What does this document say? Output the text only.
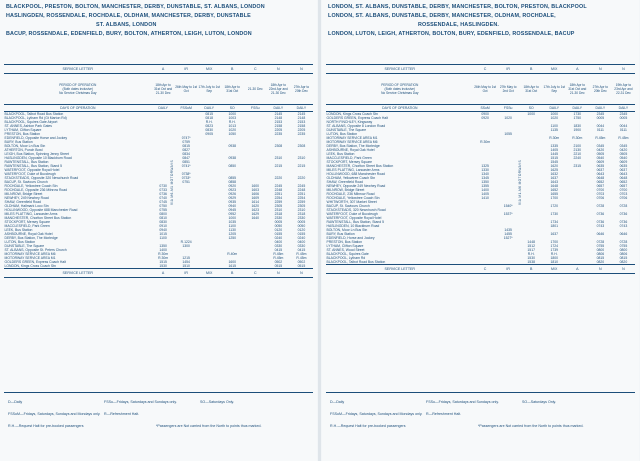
BLACKPOOL, PRESTON, BOLTON, MANCHESTER, DERBY, DUNSTABLE, ST. ALBANS, LONDON
HASLINGDEN, ROSSENDALE, ROCHDALE, OLDHAM, MANCHESTER, DERBY, DUNSTABLE
ST. ALBANS, LONDON
BACUP, ROSSENDALE, EDENFIELD, BURY, BOLTON, ATHERTON, LEIGH, LUTON, LONDON
SERVICE LETTER	A	IR	M/X	B	C	N	N

PERIOD OF OPERATION
(Both dates inclusive)
No Service Christmas Day	18th Apr to 31st Oct and 21-30 Dec	26th May to 1st Oct	17th July to 1st Sep	18th Apr to 31st Oct	21-30 Dec	18th Apr to 22nd Apr and 21-30 Dec	27th Apr to 20th Dec
DAYS OF OPERATION	DAILY	FSSuM	DAILY	SO	FSSu	DAILY	DAILY
BLACKPOOL, Talbot Road Bus Station			0815	1000		2145	2145
BLACKPOOL, Lytham Rd (Gt Marton Rd)			0818	1003		2148	2148
BLACKPOOL, Squires Gate Airport			R.H.	R.H.		2153	2153
ST. ANNES, Ashton Park Gates			0823	1013		2158	2158
LYTHAM, Clifton Square			0830	1020		2205	2205
PRESTON, Bus Station			0905	1050		2235	2235
EDENFIELD, Opposite Horse and Jockey		0747*					
BURY, Bus Station		0759					
BOLTON, Moor Ln Bus Stn		0815		0938		2308	2308
ATHERTON, Punch Bowl		0827					
LEIGH, Bus Station, Spinning Jenny Street		0834					
HASLINGDEN, Opposite 10 Blackburn Road		0847		0938		2310	2310
RAWTENSTALL, Bus Station		0851					
RAWTENSTALL, Bus Station, Stand 5		0741*		0850		2215	2215
WATERFOOT, Opposite Royal Hotel							
WATERFOOT, Duke of Buccleugh		0738*					
STACKSTEADS, Opposite 320 Newchurch Road		0733*		0855		2220	2220
BACUP, St. Saviours Church		0751		0858			
ROCHDALE, Yellowtree Coach Stn	0730			0920	1600	2245	2245
ROCHDALE, Opposite 236 Milnrow Road	0733			0923	1603	2248	2248
MILNROW, Bridge Street	0736			0926	1606	2251	2251
NEWHEY, 249 Newhey Road	0740			0929	1609	2254	2254
SHAW, Greenfield Road	0745			0935	1614	2259	2259
OLDHAM, Hallmark Loco Stn	0750			0940	1620	2305	2305
HOLLINWOOD, Opposite 688 Manchester Road	0755			0945	1623	2310	2310
MILES PLATTING, Lancaster Arms	0800			0952	1629	2318	2318
MANCHESTER, Chorlton Street Bus Station	0810			1000	1640	2330	2330
STOCKPORT, Mersey Square	0830			1035		0005	0005
MACCLESFIELD, Park Green	0910			1100		0050	0050
LEEK, Bus Station	0940			1130		0120	0120
ASHBOURNE, Royal Oak Hotel	1015			1205		0155	0155
DERBY, Bus Station, The Morledge	1100			1250		0240	0240
LUTON, Bus Station		R.1224				0400	0400
DUNSTABLE, The Square	1350	1300				0330	0330
ST. ALBANS, Opposite St. Peters Church	1400					0415	0415
MOTORWAY SERVICE AREA M6	R.30m			R.40m		R.45m	R.45m
MOTORWAY SERVICE AREA M1	R.30m	1215				R.45m	R.45m
GOLDERS GREEN, Express Coach Halt	1515	1454		1600		0502	0502
LONDON, Kings Cross Coach Stn	1530	1510		1615		0515	0515
SERVICE LETTER	A	IR	M/X	B	C	N	N
VIA M6-M1 MOTORWAYS
D—Daily	FSSu—Fridays, Saturdays and Sundays only.	SO—Saturdays Only.FSSuM—Fridays, Saturdays, Sundays and Mondays only. R—Refreshment Halt.R.H.—Request Halt for pre-booked passengers	*Passengers are Not carried from the North to points thus marked.
LONDON, ST. ALBANS, DUNSTABLE, DERBY, MANCHESTER, BOLTON, PRESTON, BLACKPOOL
LONDON, ST. ALBANS, DUNSTABLE, DERBY, MANCHESTER, OLDHAM, ROCHDALE,
ROSSENDALE, HASLINGDEN.
LONDON, LUTON, LEIGH, ATHERTON, BOLTON, BURY, EDENFIELD, ROSSENDALE, BACUP
SERVICE LETTER	C	IR	B	M/X	A	N	N

PERIOD OF OPERATION
(Both dates inclusive)
No Service Christmas Day	26th May to 1st Oct	27th May to 2nd Oct	18th Apr to 31st Oct	17th July to 1st Sep	18th Apr to 31st Oct and 21-30 Dec	27th Apr to 20th Dec	19th Apr to 23rd Apr and 22-31 Dec
DAYS OF OPERATION	SSuM	FSSu	SO	DAILY	DAILY	DAILY	DAILY
LONDON, Kings Cross Coach Stn	0900		1000	1000	1730	2345	2345
GOLDERS GREEN, Express Coach Halt	0920	1020		1020	1750	0005	0005
NORTH FINCHLEY, Kingsway							
ST. ALBANS, Opposite 8 London Road				1100	1830	0044	0044
DUNSTABLE, The Square				1135	1900	0111	0111
LUTON, Bus Station		1055					
MOTORWAY SERVICE AREA M1				R.30m	R.30m	R.45m	R.45m
MOTORWAY SERVICE AREA M6	R.30m						
DERBY, Bus Station, The Morledge				1335	2100	0345	0345
ASHBOURNE, Royal Oak Hotel				1405	2130	0420	0420
LEEK, Bus Station				1445	2210	0505	0505
MACCLESFIELD, Park Green				1515	2240	0540	0540
STOCKPORT, Mersey Square				1545		0609	0609
MANCHESTER, Chorlton Street Bus Station	1325			1620	2315	0635	0635
MILES PLATTING, Lancaster Arms	1330			1625		0637	0637
HOLLINWOOD, 688 Manchester Road	1340			1632		0643	0643
OLDHAM, Yellowtree Coach Stn	1345			1637		0648	0648
SHAW, Greenfield Road	1350			1643		0652	0652
NEWHEY, Opposite 249 Newhey Road	1355			1648		0657	0657
MILNROW, Bridge Street	1400			1652		0700	0700
ROCHDALE, 236 Milnrow Road	1405			1655		0703	0703
ROCHDALE, Yellowtree Coach Stn	1410			1700		0706	0706
WHITWORTH, 307 Market Street							
BACUP, St. Saviours Church		1540*		1720		0728	0728
STACKSTEADS, 320 Newchurch Road							
WATERFOOT, Duke of Buccleugh		1537*		1730		0736	0736
WATERFOOT, Opposite Royal Hotel							
RAWTENSTALL, Bus Station, Stand 5				1734		0736	0736
HASLINGDEN, 10 Blackburn Road				1801		0743	0743
BOLTON, Moor Ln Bus Stn		1435					
BURY, Bus Station		1455		1637		0646	0646
EDENFIELD, Horse and Jockey		1527*					
PRESTON, Bus Station			1448	1700		0728	0728
LYTHAM, Clifton Square			1512	1724		0755	0755
ST. ANNES, Wood Street			1517	1739		0800	0800
BLACKPOOL, Squires Gate			R.H.	R.H.		0806	0806
BLACKPOOL, Lytham Rd			1530	1800		0815	0815
BLACKPOOL, Talbot Road Bus Station			1538	1810		0820	0820
SERVICE LETTER	C	IR	B	M/X	A	N	N
VIA M1-M6 MOTORWAYS
D—Daily	FSSu—Fridays, Saturdays and Sundays only.	SO—Saturdays Only.FSSuM—Fridays, Saturdays, Sundays and Mondays only. R—Refreshment Halt.R.H.—Request Halt for pre-booked passengers	*Passengers are Not carried from the North to points thus marked.
